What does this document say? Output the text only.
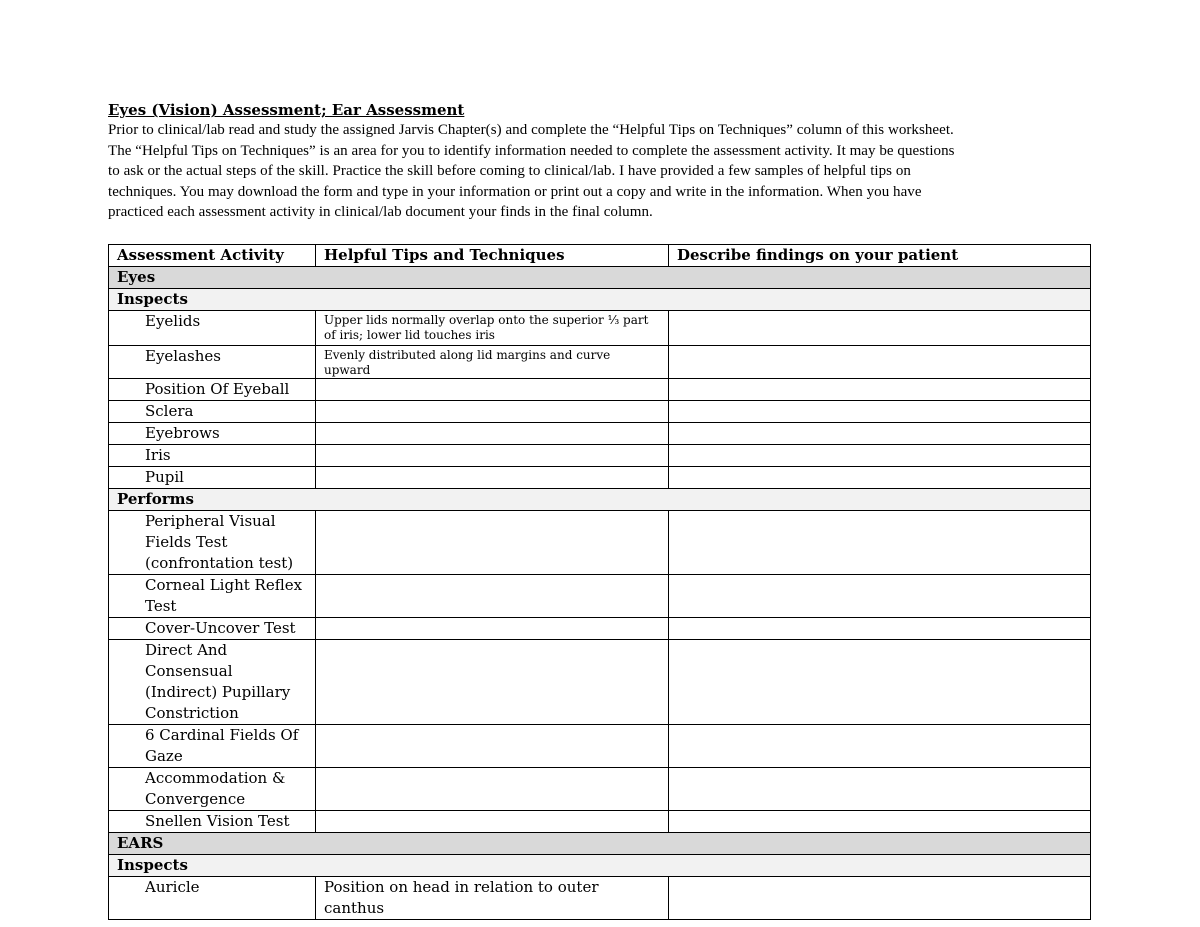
Eyes (Vision) Assessment; Ear Assessment

Prior to clinical/lab read and study the assigned Jarvis Chapter(s) and complete the “Helpful Tips on Techniques” column of this worksheet.
The “Helpful Tips on Techniques” is an area for you to identify information needed to complete the assessment activity. It may be questions
to ask or the actual steps of the skill. Practice the skill before coming to clinical/lab. I have provided a few samples of helpful tips on
techniques. You may download the form and type in your information or print out a copy and write in the information. When you have
practiced each assessment activity in clinical/lab document your finds in the final column.

Assessment Activity	Helpful Tips and Techniques	Describe findings on your patient
Eyes		
Inspects		
Eyelids	Upper lids normally overlap onto the superior ⅓ part of iris; lower lid touches iris	
Eyelashes	Evenly distributed along lid margins and curve upward	
Position Of Eyeball		
Sclera		
Eyebrows		
Iris		
Pupil		
Performs		
Peripheral Visual Fields Test (confrontation test)		
Corneal Light Reflex Test		
Cover-Uncover Test		
Direct And Consensual (Indirect) Pupillary Constriction		
6 Cardinal Fields Of Gaze		
Accommodation & Convergence		
Snellen Vision Test		
EARS		
Inspects		
Auricle	Position on head in relation to outer canthus	
